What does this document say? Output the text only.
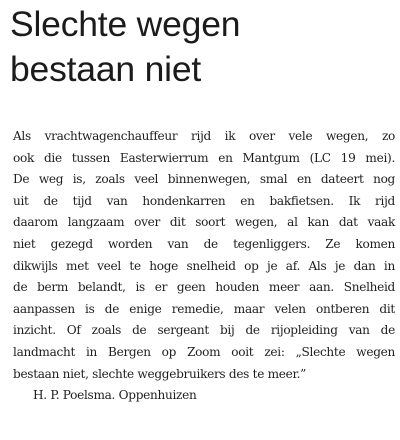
Slechte wegen
bestaan niet
Als vrachtwagenchauffeur rijd ik over vele wegen, zo
ook die tussen Easterwierrum en Mantgum (LC 19 mei).
De weg is, zoals veel binnenwegen, smal en dateert nog
uit de tijd van hondenkarren en bakfietsen. Ik rijd
daarom langzaam over dit soort wegen, al kan dat vaak
niet gezegd worden van de tegenliggers. Ze komen
dikwijls met veel te hoge snelheid op je af. Als je dan in
de berm belandt, is er geen houden meer aan. Snelheid
aanpassen is de enige remedie, maar velen ontberen dit
inzicht. Of zoals de sergeant bij de rijopleiding van de
landmacht in Bergen op Zoom ooit zei: „Slechte wegen
bestaan niet, slechte weggebruikers des te meer.”
H. P. Poelsma. Oppenhuizen
